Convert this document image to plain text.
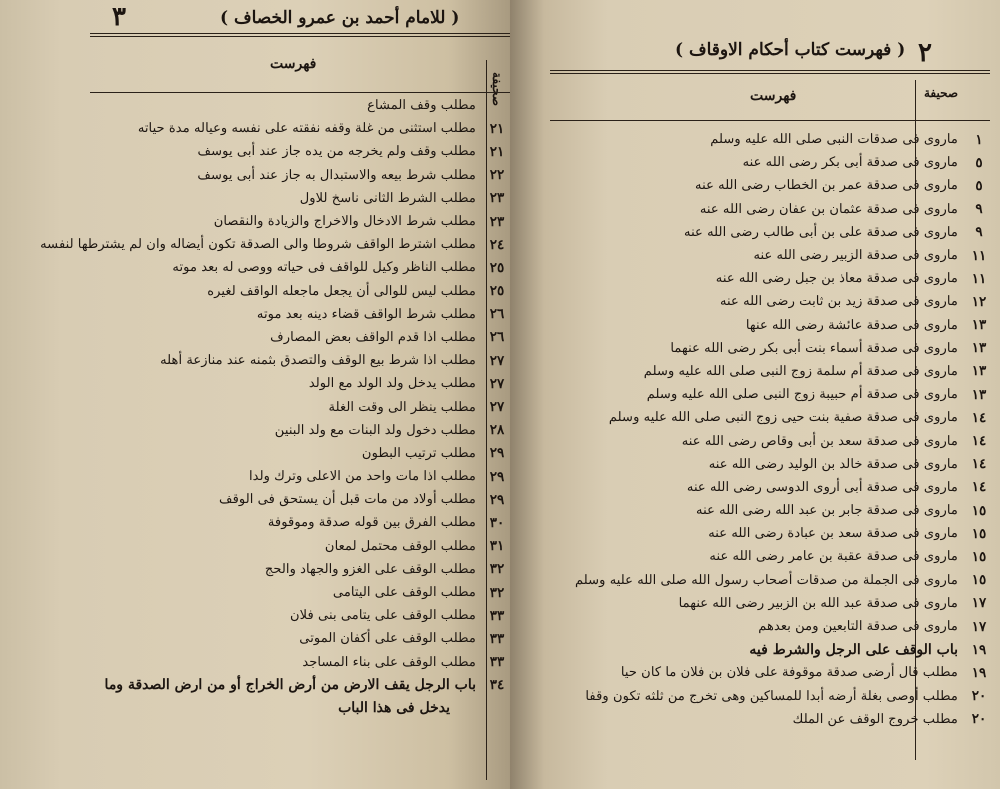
٣	( للامام أحمد بن عمرو الخصاف )
فهرست
صحيفة
مطلب وقف المشاع
٢١
مطلب استثنى من غلة وقفه نفقته على نفسه وعياله مدة حياته
٢١
مطلب وقف ولم يخرجه من يده جاز عند أبى يوسف
٢٢
مطلب شرط بيعه والاستبدال به جاز عند أبى يوسف
٢٣
مطلب الشرط الثانى ناسخ للاول
٢٣
مطلب شرط الادخال والاخراج والزيادة والنقصان
٢٤
مطلب اشترط الواقف شروطا والى الصدقة تكون أيضاله وان لم يشترطها لنفسه
٢٥
مطلب الناظر وكيل للواقف فى حياته ووصى له بعد موته
٢٥
مطلب ليس للوالى أن يجعل ماجعله الواقف لغيره
٢٦
مطلب شرط الواقف قضاء دينه بعد موته
٢٦
مطلب اذا قدم الواقف بعض المصارف
٢٧
مطلب اذا شرط بيع الوقف والتصدق بثمنه عند منازعة أهله
٢٧
مطلب يدخل ولد الولد مع الولد
٢٧
مطلب ينظر الى وقت الغلة
٢٨
مطلب دخول ولد البنات مع ولد البنين
٢٩
مطلب ترتيب البطون
٢٩
مطلب اذا مات واحد من الاعلى وترك ولدا
٢٩
مطلب أولاد من مات قبل أن يستحق فى الوقف
٣٠
مطلب الفرق بين قوله صدقة وموقوفة
٣١
مطلب الوقف محتمل لمعان
٣٢
مطلب الوقف على الغزو والجهاد والحج
٣٢
مطلب الوقف على اليتامى
٣٣
مطلب الوقف على يتامى بنى فلان
٣٣
مطلب الوقف على أكفان الموتى
٣٣
مطلب الوقف على بناء المساجد
٣٤
باب الرجل يقف الارض من أرض الخراج أو من ارض الصدقة وما
يدخل فى هذا الباب
٢
( فهرست كتاب أحكام الاوقاف )
فهرست	صحيفة
١
ماروى فى صدقات النبى صلى الله عليه وسلم
٥
ماروى فى صدقة أبى بكر رضى الله عنه
٥
ماروى فى صدقة عمر بن الخطاب رضى الله عنه
٩
ماروى فى صدقة عثمان بن عفان رضى الله عنه
٩
ماروى فى صدقة على بن أبى طالب رضى الله عنه
١١
ماروى فى صدقة الزبير رضى الله عنه
١١
ماروى فى صدقة معاذ بن جبل رضى الله عنه
١٢
ماروى فى صدقة زيد بن ثابت رضى الله عنه
١٣
ماروى فى صدقة عائشة رضى الله عنها
١٣
ماروى فى صدقة أسماء بنت أبى بكر رضى الله عنهما
١٣
ماروى فى صدقة أم سلمة زوج النبى صلى الله عليه وسلم
١٣
ماروى فى صدقة أم حبيبة زوج النبى صلى الله عليه وسلم
١٤
ماروى فى صدقة صفية بنت حيى زوج النبى صلى الله عليه وسلم
١٤
ماروى فى صدقة سعد بن أبى وقاص رضى الله عنه
١٤
ماروى فى صدقة خالد بن الوليد رضى الله عنه
١٤
ماروى فى صدقة أبى أروى الدوسى رضى الله عنه
١٥
ماروى فى صدقة جابر بن عبد الله رضى الله عنه
١٥
ماروى فى صدقة سعد بن عبادة رضى الله عنه
١٥
ماروى فى صدقة عقبة بن عامر رضى الله عنه
١٥
ماروى فى الجملة من صدقات أصحاب رسول الله صلى الله عليه وسلم
١٧
ماروى فى صدقة عبد الله بن الزبير رضى الله عنهما
١٧
ماروى فى صدقة التابعين ومن بعدهم
١٩
باب الوقف على الرجل والشرط فيه
١٩
مطلب قال أرضى صدقة موقوفة على فلان بن فلان ما كان حيا
٢٠
مطلب أوصى بغلة أرضه أبدا للمساكين وهى تخرج من ثلثه تكون وقفا
٢٠
مطلب خروج الوقف عن الملك
